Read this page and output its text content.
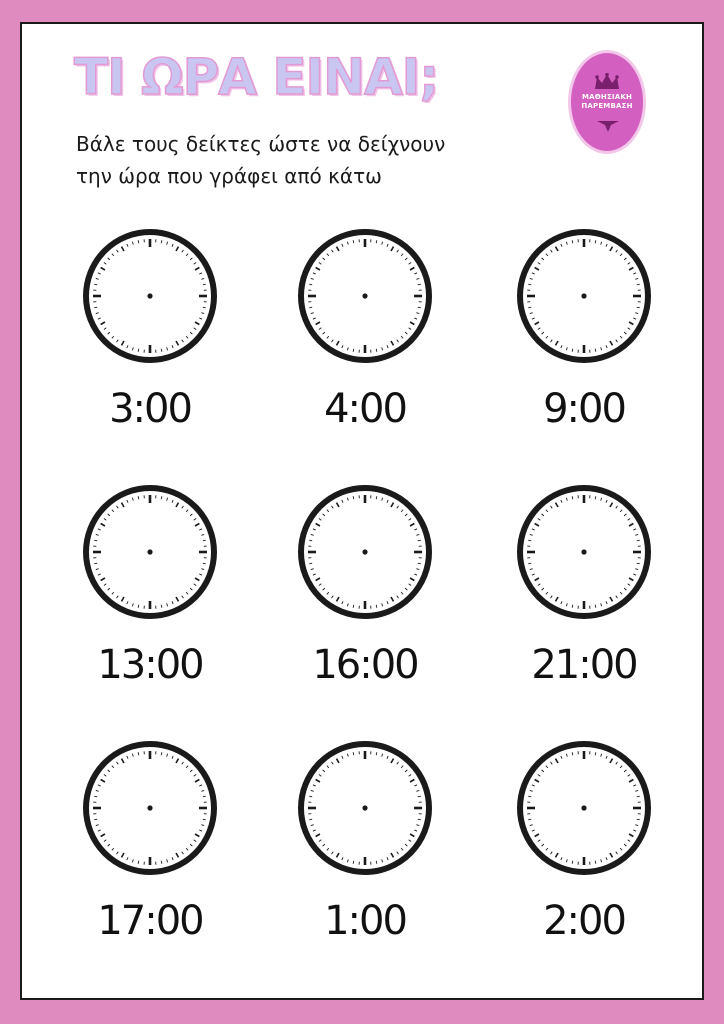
ΤΙ ΩΡΑ ΕΙΝΑΙ;

Βάλε τους δείκτες ώστε να δείχνουν
την ώρα που γράφει από κάτω

ΜΑΘΗΣΙΑΚΗ
ΠΑΡΕΜΒΑΣΗ
3:00	4:00	9:00
13:00	16:00	21:00
17:00	1:00	2:00
